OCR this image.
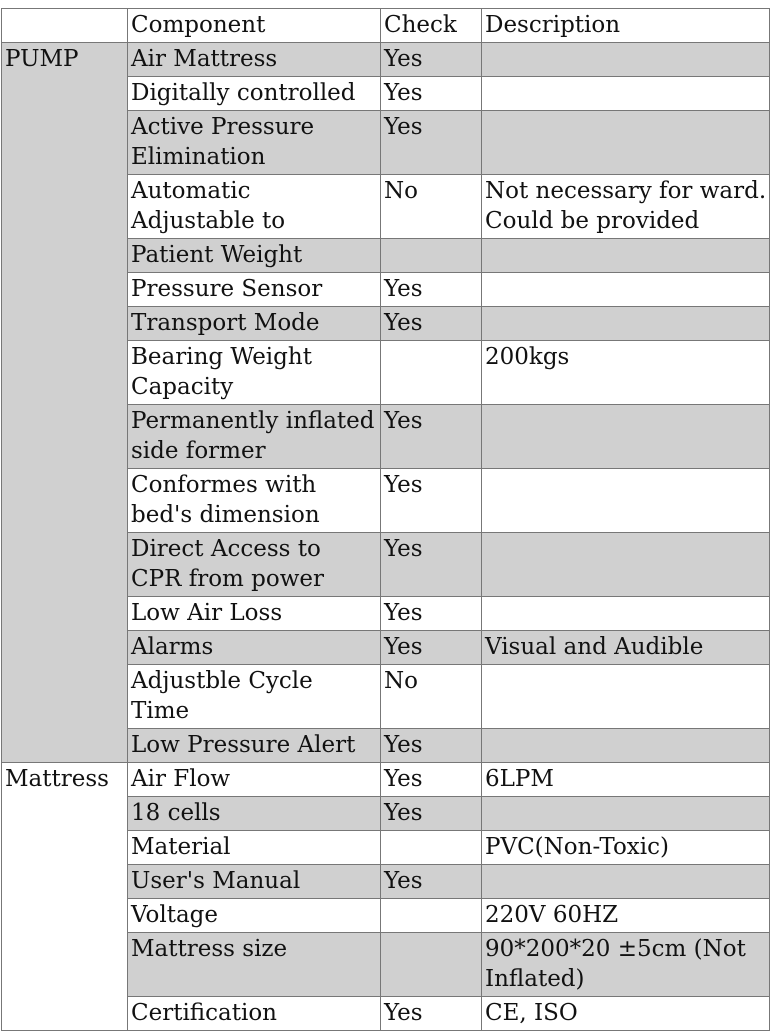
	Component	Check	Description
PUMP	Air Mattress	Yes	
	Digitally controlled	Yes	
	Active Pressure Elimination	Yes	
	Automatic Adjustable to	No	Not necessary for ward. Could be provided
	Patient Weight		
	Pressure Sensor	Yes	
	Transport Mode	Yes	
	Bearing Weight Capacity		200kgs
	Permanently inflated side former	Yes	
	Conformes with bed's dimension	Yes	
	Direct Access to CPR from power	Yes	
	Low Air Loss	Yes	
	Alarms	Yes	Visual and Audible
	Adjustble Cycle Time	No	
	Low Pressure Alert	Yes	
Mattress	Air Flow	Yes	6LPM
	18 cells	Yes	
	Material		PVC(Non-Toxic)
	User's Manual	Yes	
	Voltage		220V 60HZ
	Mattress size		90*200*20 ±5cm (Not Inflated)
	Certification	Yes	CE, ISO
